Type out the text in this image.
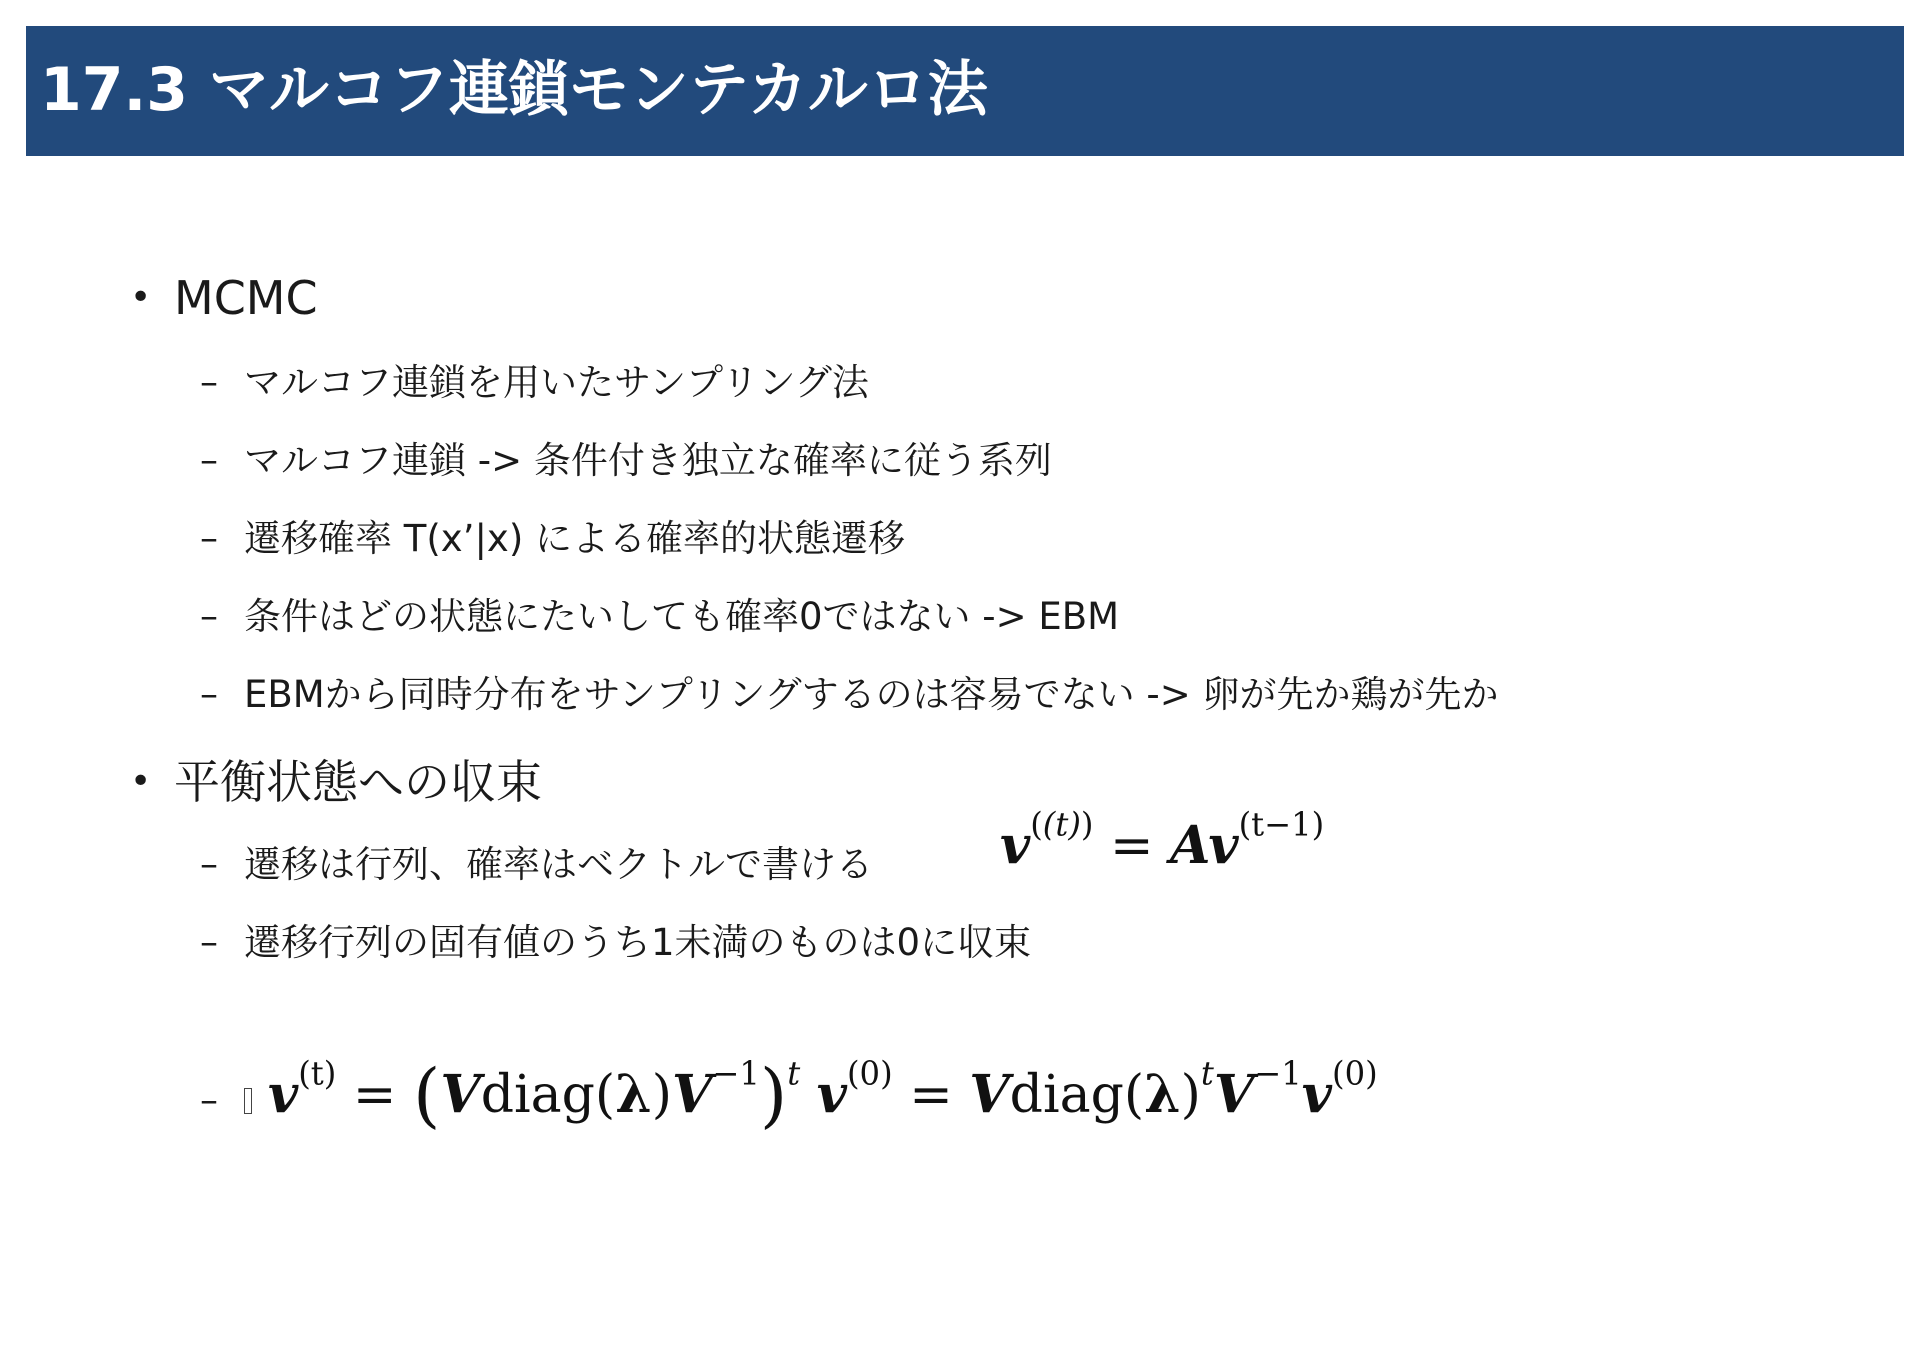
17.3 マルコフ連鎖モンテカルロ法
• MCMC
– マルコフ連鎖を用いたサンプリング法
– マルコフ連鎖 -> 条件付き独立な確率に従う系列
– 遷移確率 T(x’|x) による確率的状態遷移
– 条件はどの状態にたいしても確率0ではない -> EBM
– EBMから同時分布をサンプリングするのは容易でない -> 卵が先か鶏が先か
• 平衡状態への収束
– 遷移は行列、確率はベクトルで書ける
– 遷移行列の固有値のうち1未満のものは0に収束
–
$v^{((t))} = Av^{(t-1)}$
$v^{(t)}$ = $(Vdiag(\lambda)V^{-1})^t$ $v^{(0)}$ = $Vdiag(\lambda)^tV^{-1}v^{(0)}$
